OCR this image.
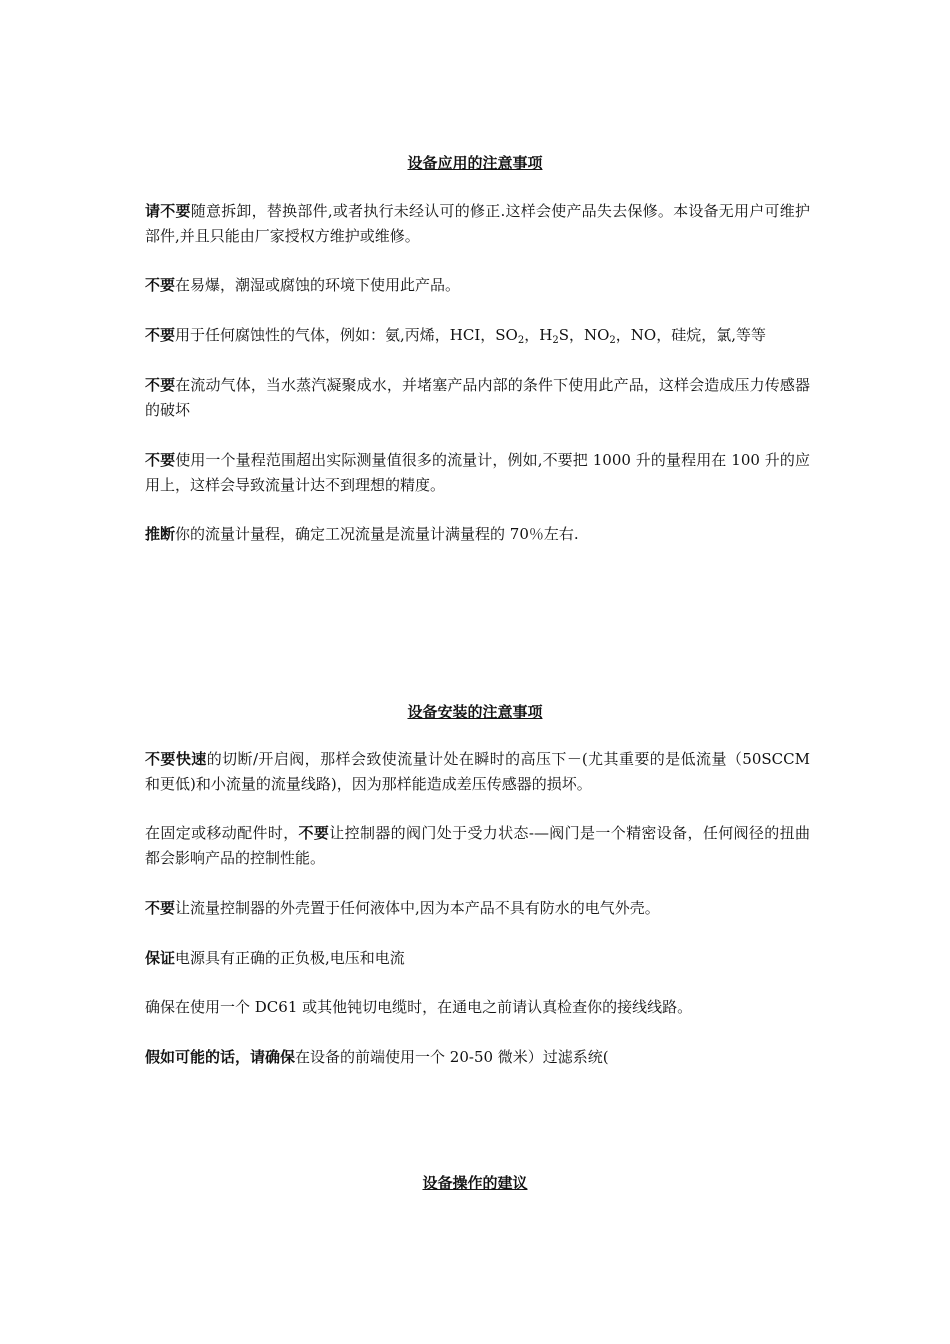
设备应用的注意事项
请不要随意拆卸，替换部件,或者执行未经认可的修正.这样会使产品失去保修。本设备无用户可维护部件,并且只能由厂家授权方维护或维修。
不要在易爆，潮湿或腐蚀的环境下使用此产品。
不要用于任何腐蚀性的气体，例如：氨,丙烯，HCI，$SO_2$，$H_2S$，$NO_2$，NO，硅烷，氯,等等
不要在流动气体，当水蒸汽凝聚成水，并堵塞产品内部的条件下使用此产品，这样会造成压力传感器的破坏
不要使用一个量程范围超出实际测量值很多的流量计，例如,不要把 1000 升的量程用在 100 升的应用上，这样会导致流量计达不到理想的精度。
推断你的流量计量程，确定工况流量是流量计满量程的 70％左右.
设备安装的注意事项
不要快速的切断/开启阀，那样会致使流量计处在瞬时的高压下－(尤其重要的是低流量（50SCCM 和更低)和小流量的流量线路)，因为那样能造成差压传感器的损坏。
在固定或移动配件时，不要让控制器的阀门处于受力状态-—阀门是一个精密设备，任何阀径的扭曲都会影响产品的控制性能。
不要让流量控制器的外壳置于任何液体中,因为本产品不具有防水的电气外壳。
保证电源具有正确的正负极,电压和电流
确保在使用一个 DC61 或其他钝切电缆时，在通电之前请认真检查你的接线线路。
假如可能的话，请确保在设备的前端使用一个 20-50 微米）过滤系统(
设备操作的建议
